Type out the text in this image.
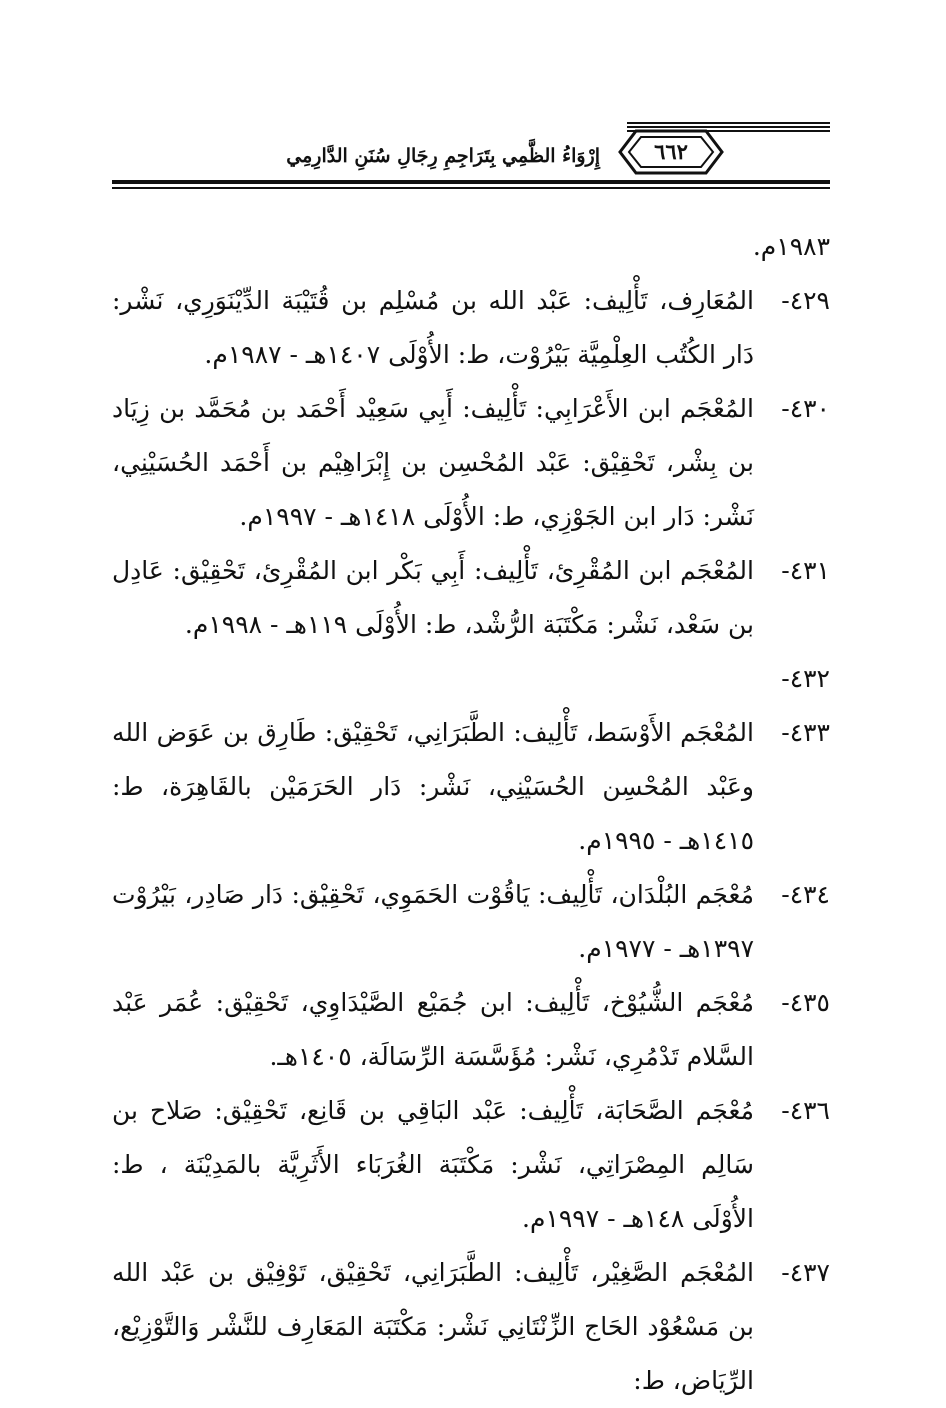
٦٦٢
إِرْوَاءُ الظَّمِي بِتَرَاجِمِ رِجَالِ سُنَنِ الدَّارِمِي

١٩٨٣م.

٤٢٩-
المُعَارِف، تَأْلِيف: عَبْد الله بن مُسْلِم بن قُتَيْبَة الدِّيْنَوَرِي، نَشْر: دَار الكُتُب العِلْمِيَّة بَيْرُوْت، ط: الأُوْلَى ١٤٠٧هـ - ١٩٨٧م.
٤٣٠-
المُعْجَم ابن الأَعْرَابِي: تَأْلِيف: أَبِي سَعِيْد أَحْمَد بن مُحَمَّد بن زِيَاد بن بِشْر، تَحْقِيْق: عَبْد المُحْسِن بن إِبْرَاهِيْم بن أَحْمَد الحُسَيْنِي، نَشْر: دَار ابن الجَوْزِي، ط: الأُوْلَى ١٤١٨هـ - ١٩٩٧م.
٤٣١-
المُعْجَم ابن المُقْرِئ، تَأْلِيف: أَبِي بَكْر ابن المُقْرِئ، تَحْقِيْق: عَادِل بن سَعْد، نَشْر: مَكْتَبَة الرُّشْد، ط: الأُوْلَى ١١٩هـ - ١٩٩٨م.
٤٣٢-

٤٣٣-
المُعْجَم الأَوْسَط، تَأْلِيف: الطَّبَرَانِي، تَحْقِيْق: طَارِق بن عَوَض الله وعَبْد المُحْسِن الحُسَيْنِي، نَشْر: دَار الحَرَمَيْن بالقَاهِرَة، ط: ١٤١٥هـ - ١٩٩٥م.
٤٣٤-
مُعْجَم البُلْدَان، تَأْلِيف: يَاقُوْت الحَمَوِي، تَحْقِيْق: دَار صَادِر، بَيْرُوْت ١٣٩٧هـ - ١٩٧٧م.
٤٣٥-
مُعْجَم الشُّيُوْخ، تَأْلِيف: ابن جُمَيْع الصَّيْدَاوِي، تَحْقِيْق: عُمَر عَبْد السَّلام تَدْمُرِي، نَشْر: مُؤَسَّسَة الرِّسَالَة، ١٤٠٥هـ.
٤٣٦-
مُعْجَم الصَّحَابَة، تَأْلِيف: عَبْد البَاقِي بن قَانِع، تَحْقِيْق: صَلاح بن سَالِم المِصْرَاتِي، نَشْر: مَكْتَبَة الغُرَبَاء الأَثَرِيَّة بالمَدِيْنَة ، ط: الأُوْلَى ١٤٨هـ - ١٩٩٧م.
٤٣٧-
المُعْجَم الصَّغِيْر، تَأْلِيف: الطَّبَرَانِي، تَحْقِيْق، تَوْفِيْق بن عَبْد الله بن مَسْعُوْد الحَاج الزِّنْتَانِي نَشْر: مَكْتَبَة المَعَارِف للنَّشْر وَالتَّوْزِيْع، الرِّيَاض، ط:
